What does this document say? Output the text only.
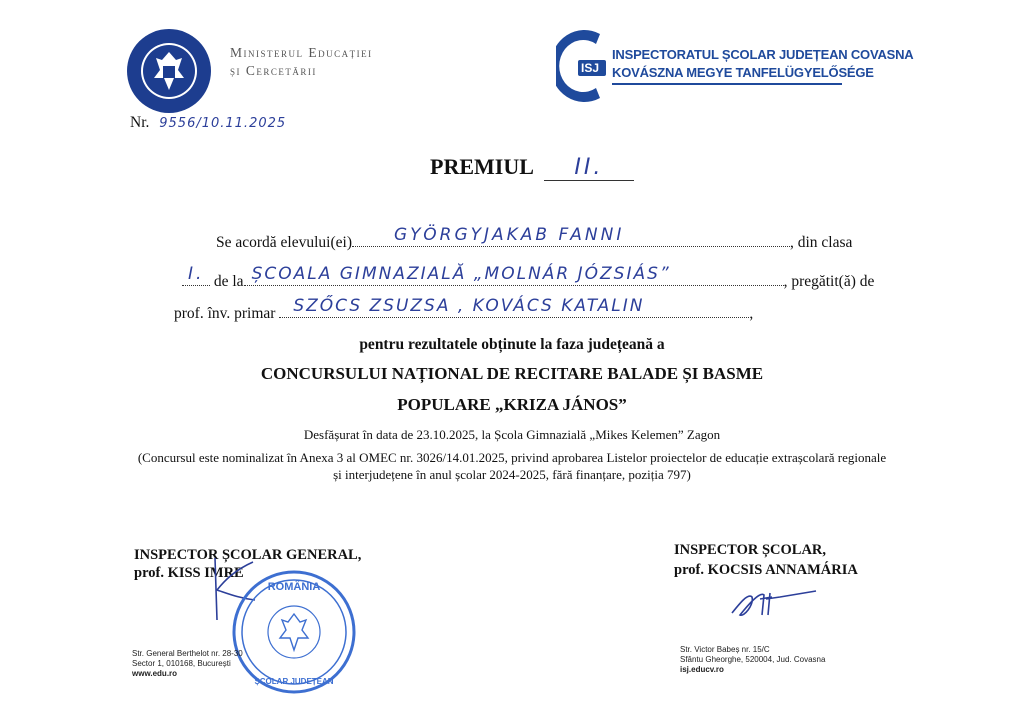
Ministerul Educației
și Cercetării	ISJ
INSPECTORATUL ȘCOLAR JUDEȚEAN COVASNA
KOVÁSZNA MEGYE TANFELÜGYELŐSÉGE
Nr. 9556/10.11.2025
PREMIUL II.
Se acordă elevului(ei) GYÖRGYJAKAB FANNI	, din clasa
I. de la ȘCOALA GIMNAZIALĂ „MOLNÁR JÓZSIÁS”	, pregătit(ă) de
prof. înv. primar SZŐCS ZSUZSA , KOVÁCS KATALIN	,
pentru rezultatele obținute la faza județeană a
CONCURSULUI NAȚIONAL DE RECITARE BALADE ȘI BASME
POPULARE „KRIZA JÁNOS”
Desfășurat în data de 23.10.2025, la Școla Gimnazială „Mikes Kelemen” Zagon
(Concursul este nominalizat în Anexa 3 al OMEC nr. 3026/14.01.2025, privind aprobarea Listelor proiectelor de educație extrașcolară regionale
și interjudețene în anul școlar 2024-2025, fără finanțare, poziția 797)
INSPECTOR ȘCOLAR GENERAL,
prof. KISS IMRE
ROMÂNIA
ȘCOLAR JUDEȚEAN
INSPECTOR ȘCOLAR,
prof. KOCSIS ANNAMÁRIA
Str. General Berthelot nr. 28-30
Sector 1, 010168, București
www.edu.ro
Str. Victor Babeș nr. 15/C
Sfântu Gheorghe, 520004, Jud. Covasna
isj.educv.ro
